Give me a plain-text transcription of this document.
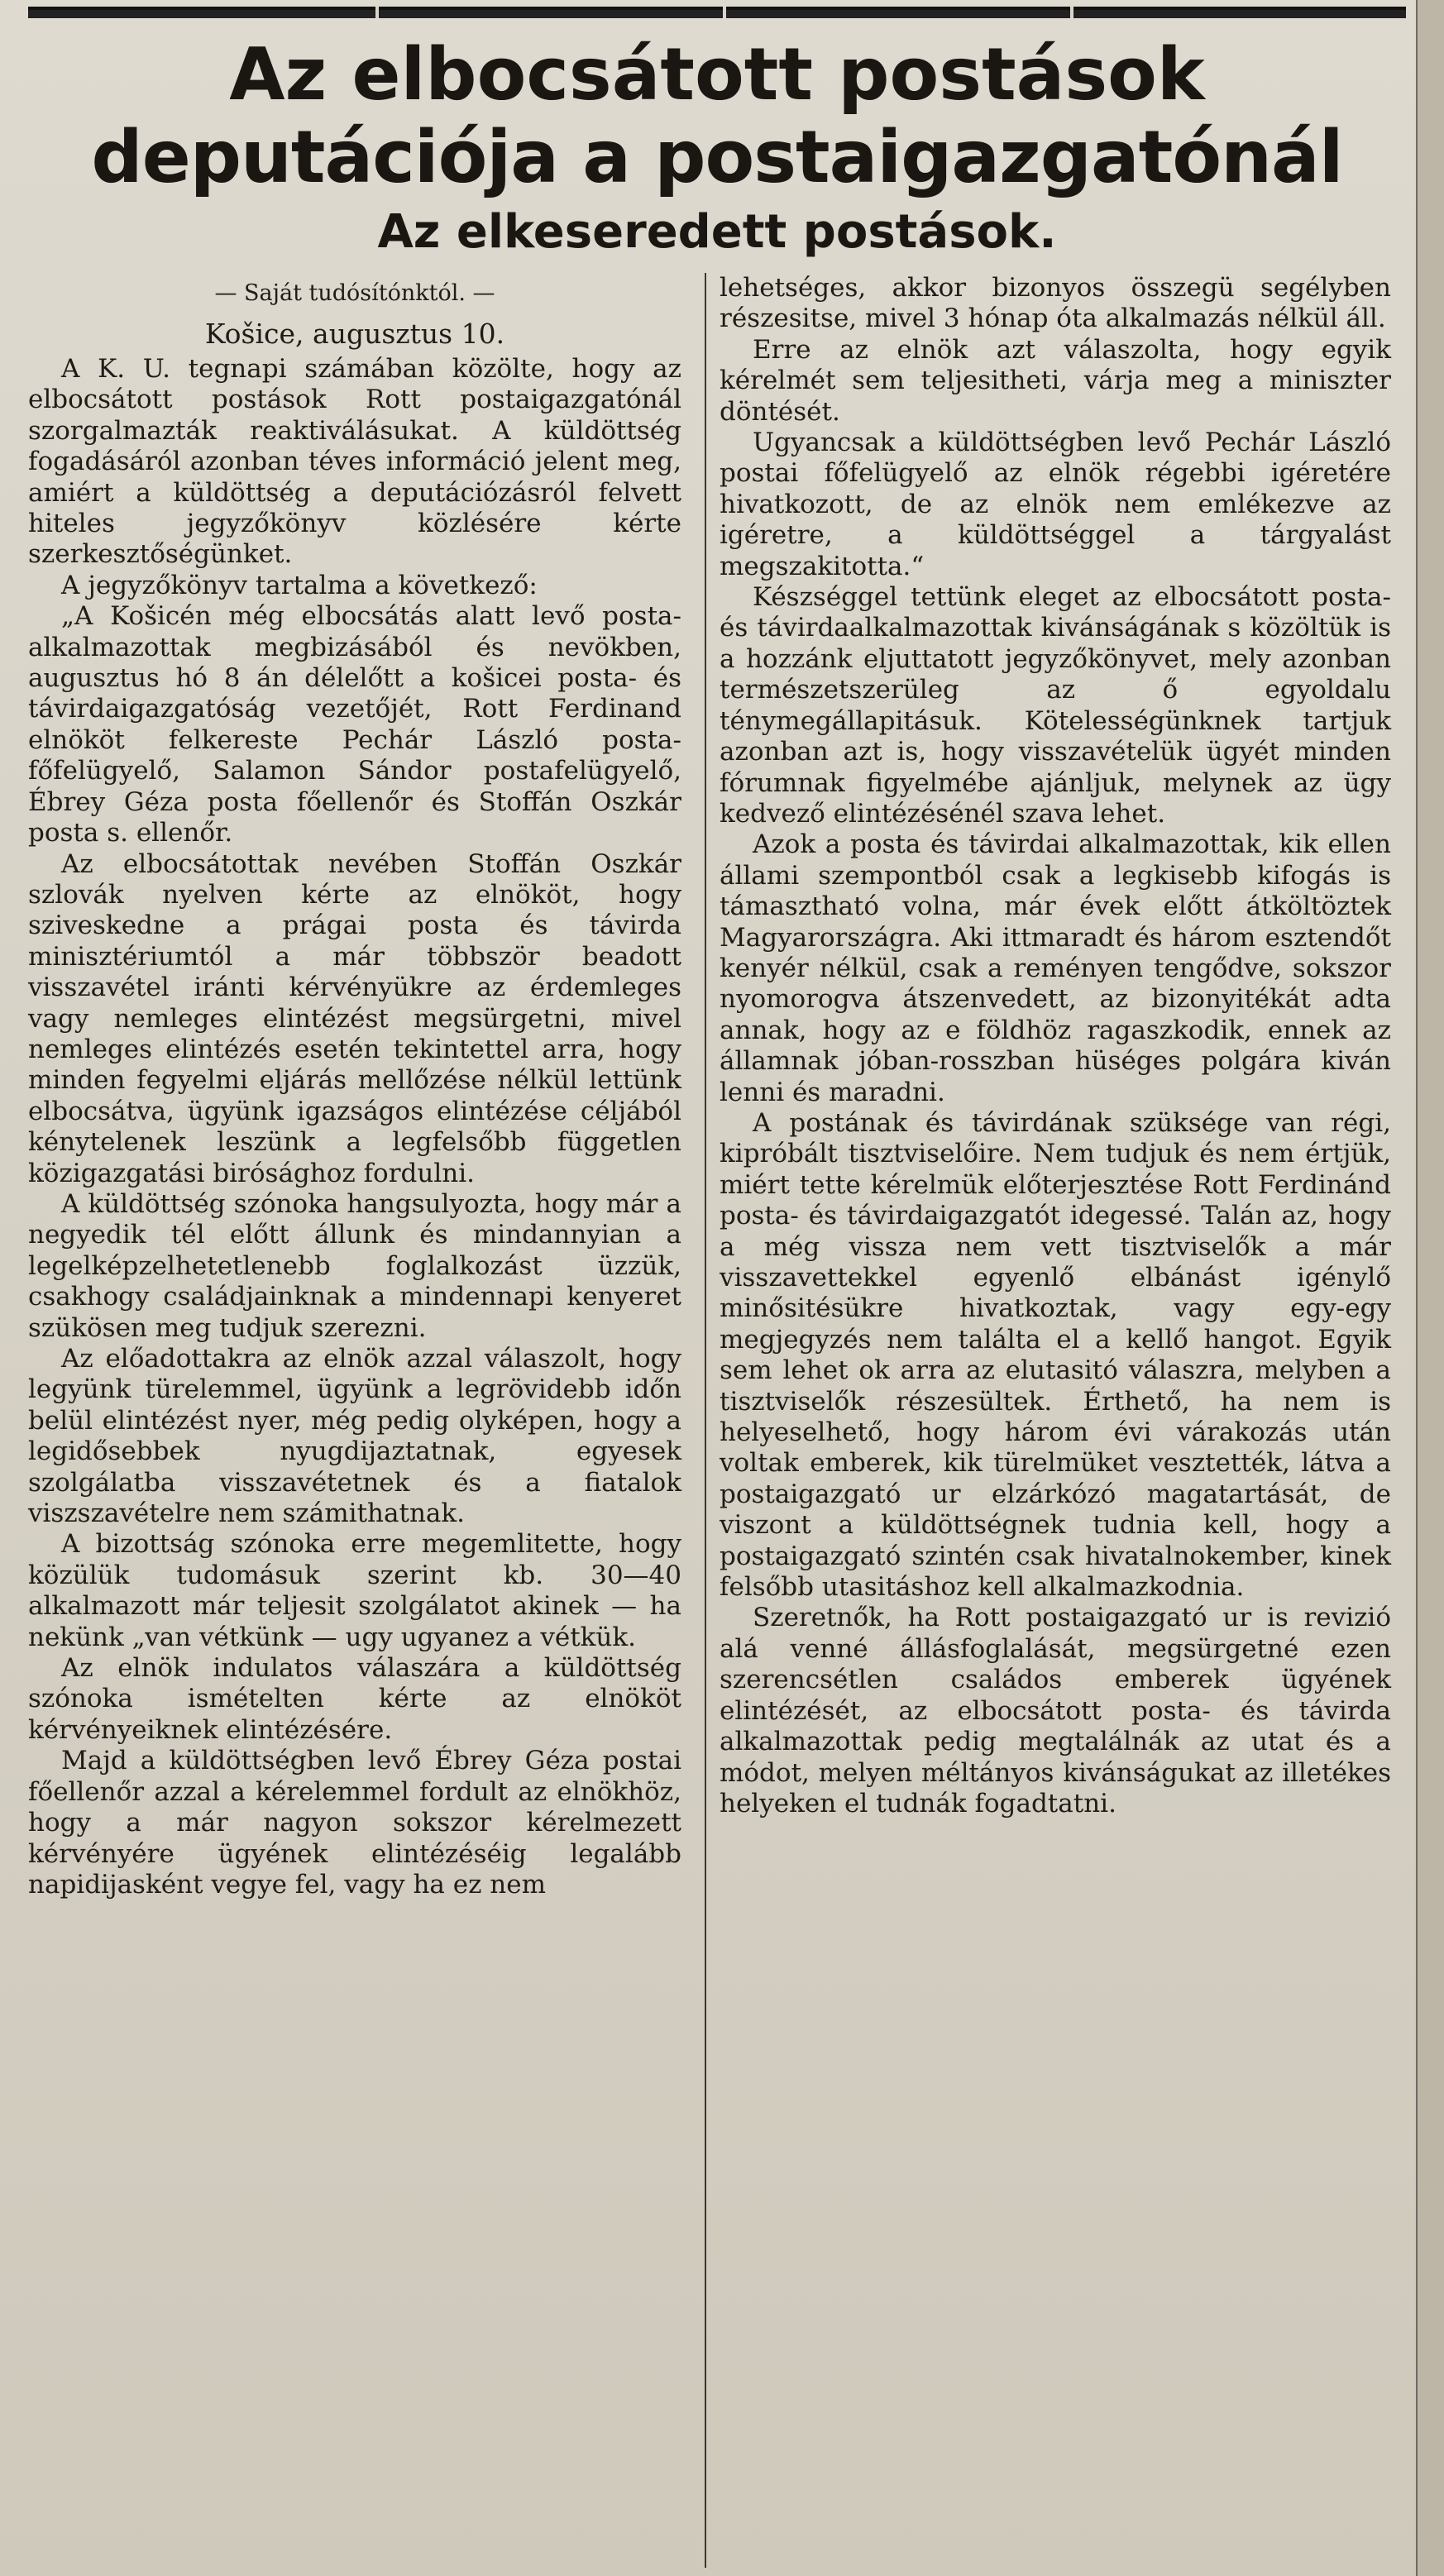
Az elbocsátott postások
deputációja a postaigazgatónál
Az elkeseredett postások.

— Saját tudósítónktól. —

Košice, augusztus 10.

A K. U. tegnapi számában közölte, hogy az elbocsátott postások Rott postaigazgatónál szorgalmazták reaktiválásukat. A küldöttség fogadásáról azonban téves információ jelent meg, amiért a küldöttség a deputációzásról felvett hiteles jegyzőkönyv közlésére kérte szerkesztőségünket.

A jegyzőkönyv tartalma a következő:

„A Košicén még elbocsátás alatt levő posta-alkalmazottak megbizásából és nevökben, augusztus hó 8 án délelőtt a košicei posta- és távirdaigazgatóság vezetőjét, Rott Ferdinand elnököt felkereste Pechár László posta-főfelügyelő, Salamon Sándor postafelügyelő, Ébrey Géza posta főellenőr és Stoffán Oszkár posta s. ellenőr.

Az elbocsátottak nevében Stoffán Oszkár szlovák nyelven kérte az elnököt, hogy sziveskedne a prágai posta és távirda minisztériumtól a már többször beadott visszavétel iránti kérvényükre az érdemleges vagy nemleges elintézést megsürgetni, mivel nemleges elintézés esetén tekintettel arra, hogy minden fegyelmi eljárás mellőzése nélkül lettünk elbocsátva, ügyünk igazságos elintézése céljából kénytelenek leszünk a legfelsőbb független közigazgatási birósághoz fordulni.

A küldöttség szónoka hangsulyozta, hogy már a negyedik tél előtt állunk és mindannyian a legelképzelhetetlenebb foglalkozást üzzük, csakhogy családjainknak a mindennapi kenyeret szükösen meg tudjuk szerezni.

Az előadottakra az elnök azzal válaszolt, hogy legyünk türelemmel, ügyünk a legrövidebb időn belül elintézést nyer, még pedig olyképen, hogy a legidősebbek nyugdijaztatnak, egyesek szolgálatba visszavétetnek és a fiatalok viszszavételre nem számithatnak.

A bizottság szónoka erre megemlitette, hogy közülük tudomásuk szerint kb. 30—40 alkalmazott már teljesit szolgálatot akinek — ha nekünk „van vétkünk — ugy ugyanez a vétkük.

Az elnök indulatos válaszára a küldöttség szónoka ismételten kérte az elnököt kérvényeiknek elintézésére.

Majd a küldöttségben levő Ébrey Géza postai főellenőr azzal a kérelemmel fordult az elnökhöz, hogy a már nagyon sokszor kérelmezett kérvényére ügyének elintézéséig legalább napidijasként vegye fel, vagy ha ez nem

lehetséges, akkor bizonyos összegü segélyben részesitse, mivel 3 hónap óta alkalmazás nélkül áll.

Erre az elnök azt válaszolta, hogy egyik kérelmét sem teljesitheti, várja meg a miniszter döntését.

Ugyancsak a küldöttségben levő Pechár László postai főfelügyelő az elnök régebbi igéretére hivatkozott, de az elnök nem emlékezve az igéretre, a küldöttséggel a tárgyalást megszakitotta.“

Készséggel tettünk eleget az elbocsátott posta- és távirdaalkalmazottak kivánságának s közöltük is a hozzánk eljuttatott jegyzőkönyvet, mely azonban természetszerüleg az ő egyoldalu ténymegállapitásuk. Kötelességünknek tartjuk azonban azt is, hogy visszavételük ügyét minden fórumnak figyelmébe ajánljuk, melynek az ügy kedvező elintézésénél szava lehet.

Azok a posta és távirdai alkalmazottak, kik ellen állami szempontból csak a legkisebb kifogás is támasztható volna, már évek előtt átköltöztek Magyarországra. Aki ittmaradt és három esztendőt kenyér nélkül, csak a reményen tengődve, sokszor nyomorogva átszenvedett, az bizonyitékát adta annak, hogy az e földhöz ragaszkodik, ennek az államnak jóban-rosszban hüséges polgára kiván lenni és maradni.

A postának és távirdának szüksége van régi, kipróbált tisztviselőire. Nem tudjuk és nem értjük, miért tette kérelmük előterjesztése Rott Ferdinánd posta- és távirdaigazgatót idegessé. Talán az, hogy a még vissza nem vett tisztviselők a már visszavettekkel egyenlő elbánást igénylő minősitésükre hivatkoztak, vagy egy-egy megjegyzés nem találta el a kellő hangot. Egyik sem lehet ok arra az elutasitó válaszra, melyben a tisztviselők részesültek. Érthető, ha nem is helyeselhető, hogy három évi várakozás után voltak emberek, kik türelmüket vesztették, látva a postaigazgató ur elzárkózó magatartását, de viszont a küldöttségnek tudnia kell, hogy a postaigazgató szintén csak hivatalnokember, kinek felsőbb utasitáshoz kell alkalmazkodnia.

Szeretnők, ha Rott postaigazgató ur is revizió alá venné állásfoglalását, megsürgetné ezen szerencsétlen családos emberek ügyének elintézését, az elbocsátott posta- és távirda alkalmazottak pedig megtalálnák az utat és a módot, melyen méltányos kivánságukat az illetékes helyeken el tudnák fogadtatni.
